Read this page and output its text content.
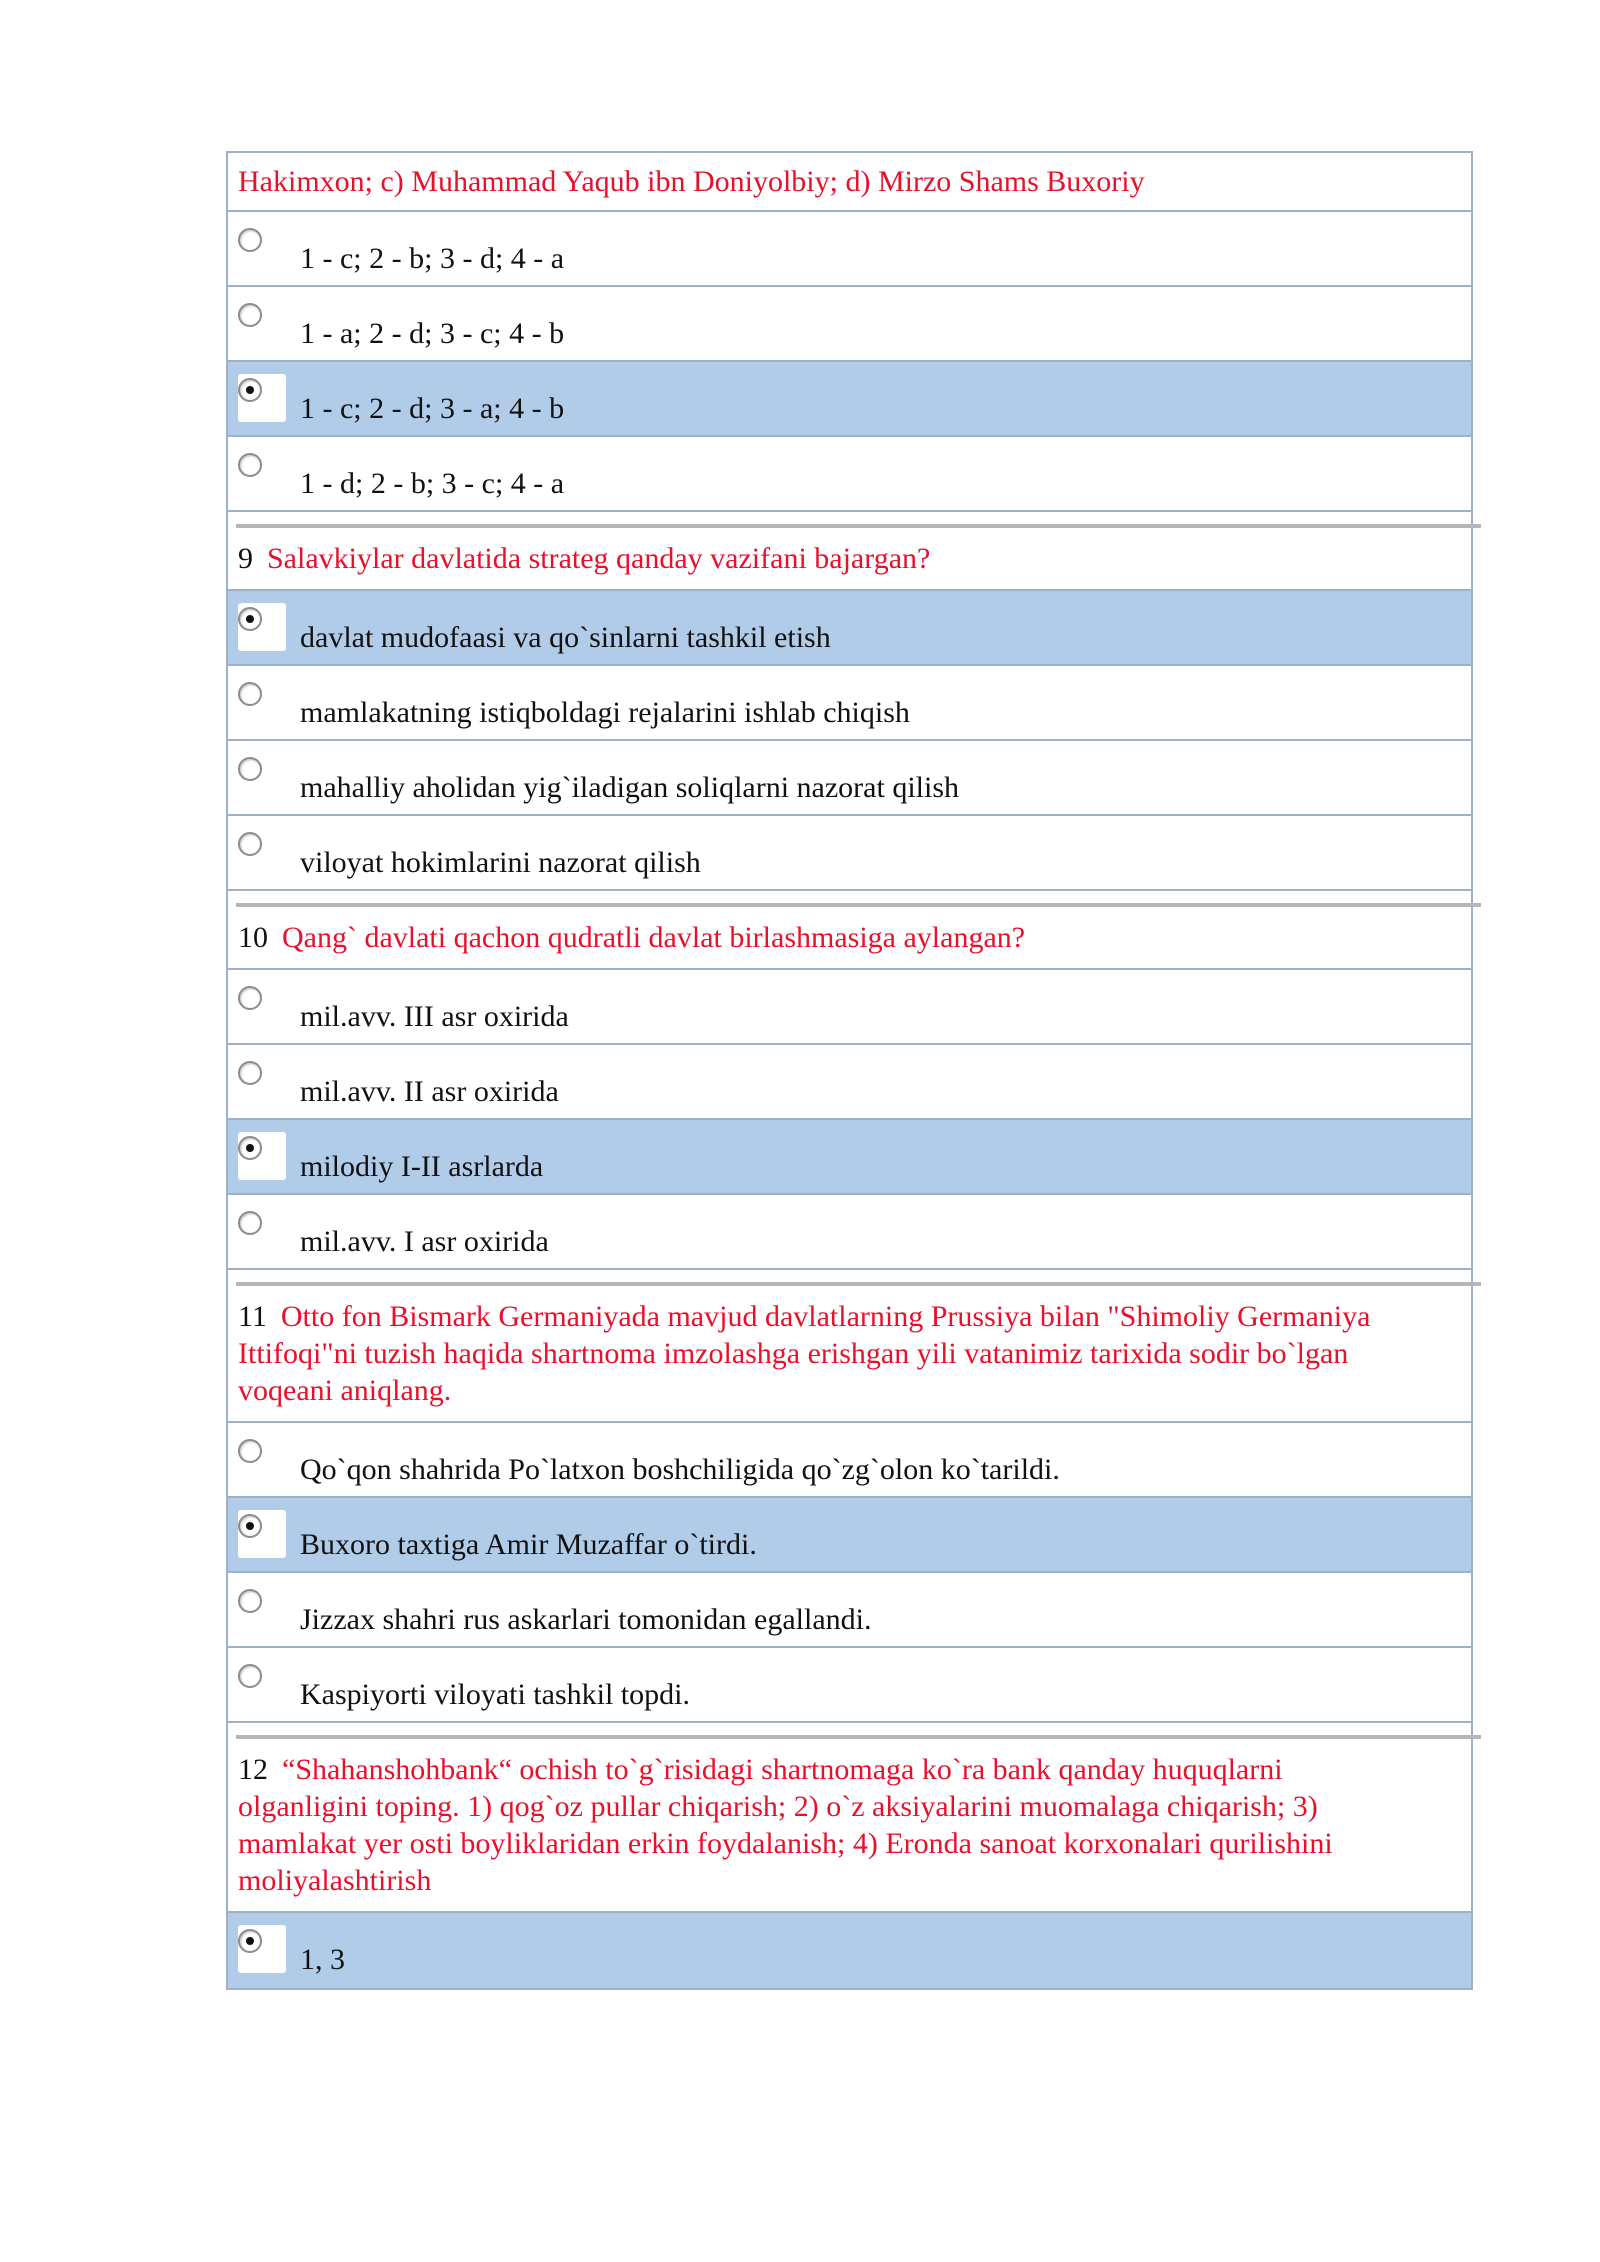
Hakimxon; c) Muhammad Yaqub ibn Doniyolbiy; d) Mirzo Shams Buxoriy
1 - c; 2 - b; 3 - d; 4 - a
1 - a; 2 - d; 3 - c; 4 - b
1 - c; 2 - d; 3 - a; 4 - b
1 - d; 2 - b; 3 - c; 4 - a
9 Salavkiylar davlatida strateg qanday vazifani bajargan?
davlat mudofaasi va qo`sinlarni tashkil etish
mamlakatning istiqboldagi rejalarini ishlab chiqish
mahalliy aholidan yig`iladigan soliqlarni nazorat qilish
viloyat hokimlarini nazorat qilish
10 Qang` davlati qachon qudratli davlat birlashmasiga aylangan?
mil.avv. III asr oxirida
mil.avv. II asr oxirida
milodiy I-II asrlarda
mil.avv. I asr oxirida
11 Otto fon Bismark Germaniyada mavjud davlatlarning Prussiya bilan "Shimoliy Germaniya
Ittifoqi"ni tuzish haqida shartnoma imzolashga erishgan yili vatanimiz tarixida sodir bo`lgan
voqeani aniqlang.
Qo`qon shahrida Po`latxon boshchiligida qo`zg`olon ko`tarildi.
Buxoro taxtiga Amir Muzaffar o`tirdi.
Jizzax shahri rus askarlari tomonidan egallandi.
Kaspiyorti viloyati tashkil topdi.
12 “Shahanshohbank“ ochish to`g`risidagi shartnomaga ko`ra bank qanday huquqlarni
olganligini toping. 1) qog`oz pullar chiqarish; 2) o`z aksiyalarini muomalaga chiqarish; 3)
mamlakat yer osti boyliklaridan erkin foydalanish; 4) Eronda sanoat korxonalari qurilishini
moliyalashtirish
1, 3
